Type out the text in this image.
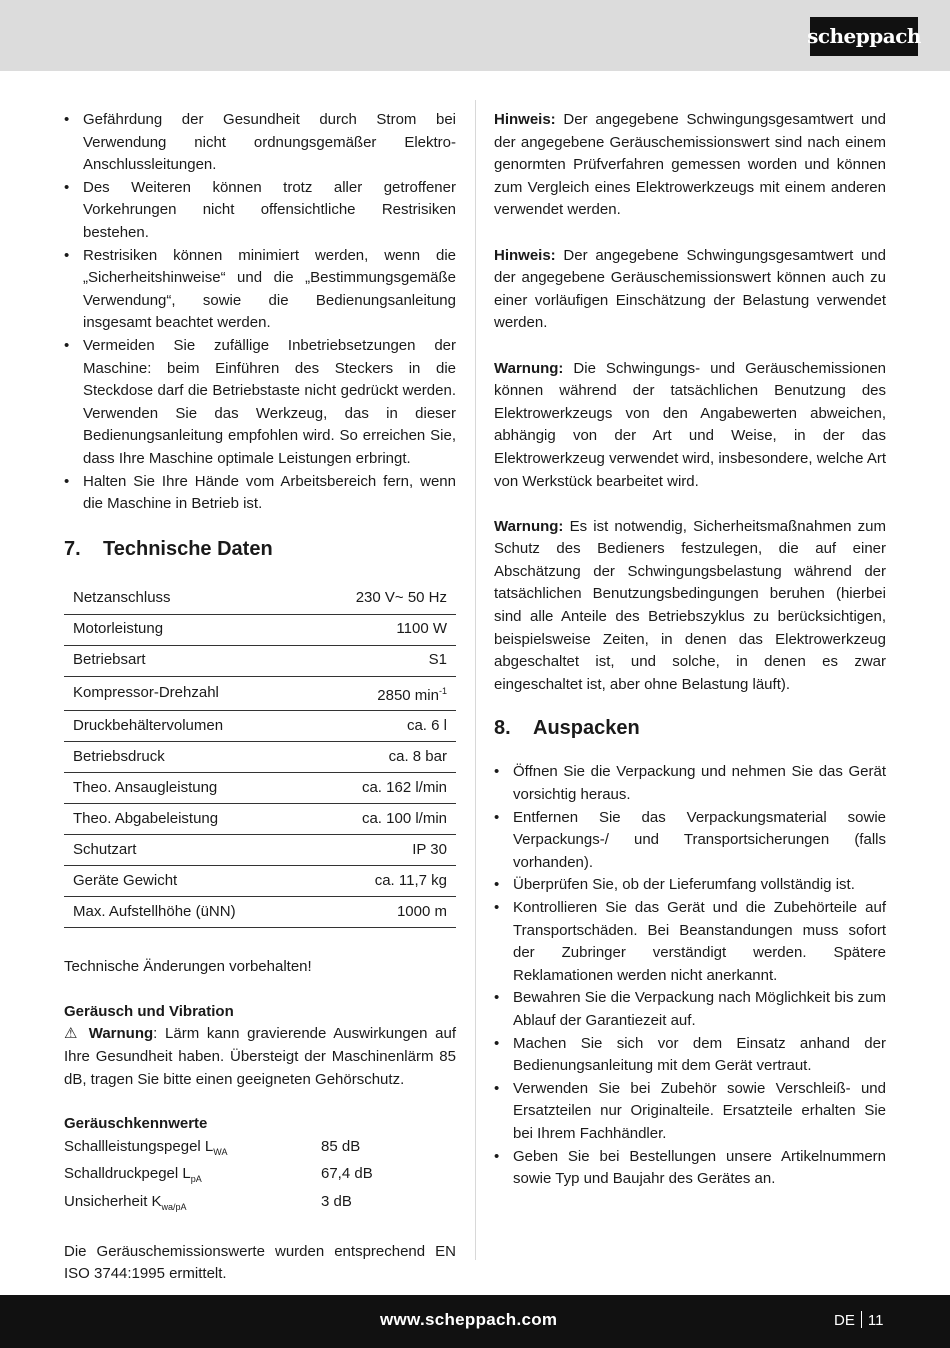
scheppach
• Gefährdung der Gesundheit durch Strom bei Verwendung nicht ordnungsgemäßer Elektro-Anschlussleitungen.
• Des Weiteren können trotz aller getroffener Vorkehrungen nicht offensichtliche Restrisiken bestehen.
• Restrisiken können minimiert werden, wenn die „Sicherheitshinweise“ und die „Bestimmungsgemäße Verwendung“, sowie die Bedienungsanleitung insgesamt beachtet werden.
• Vermeiden Sie zufällige Inbetriebsetzungen der Maschine: beim Einführen des Steckers in die Steckdose darf die Betriebstaste nicht gedrückt werden. Verwenden Sie das Werkzeug, das in dieser Bedienungsanleitung empfohlen wird. So erreichen Sie, dass Ihre Maschine optimale Leistungen erbringt.
• Halten Sie Ihre Hände vom Arbeitsbereich fern, wenn die Maschine in Betrieb ist.
7.	Technische Daten
Netzanschluss	230 V~ 50 Hz
Motorleistung	1100 W
Betriebsart	S1
Kompressor-Drehzahl	2850 $\min^{-1}$
Druckbehältervolumen	ca. 6 l
Betriebsdruck	ca. 8 bar
Theo. Ansaugleistung	ca. 162 l/min
Theo. Abgabeleistung	ca. 100 l/min
Schutzart	IP 30
Geräte Gewicht	ca. 11,7 kg
Max. Aufstellhöhe (üNN)	1000 m

Technische Änderungen vorbehalten!

Geräusch und Vibration

⚠ Warnung: Lärm kann gravierende Auswirkungen auf Ihre Gesundheit haben. Übersteigt der Maschinenlärm 85 dB, tragen Sie bitte einen geeigneten Gehörschutz.

Geräuschkennwerte

Schallleistungspegel $L_{WA}$	85 dB
Schalldruckpegel $L_{pA}$	67,4 dB
Unsicherheit $K_{wa/pA}$	3 dB

Die Geräuschemissionswerte wurden entsprechend EN ISO 3744:1995 ermittelt.

Hinweis: Der angegebene Schwingungsgesamtwert und der angegebene Geräuschemissionswert sind nach einem genormten Prüfverfahren gemessen worden und können zum Vergleich eines Elektrowerkzeugs mit einem anderen verwendet werden.

Hinweis: Der angegebene Schwingungsgesamtwert und der angegebene Geräuschemissionswert können auch zu einer vorläufigen Einschätzung der Belastung verwendet werden.

Warnung: Die Schwingungs- und Geräuschemissionen können während der tatsächlichen Benutzung des Elektrowerkzeugs von den Angabewerten abweichen, abhängig von der Art und Weise, in der das Elektrowerkzeug verwendet wird, insbesondere, welche Art von Werkstück bearbeitet wird.

Warnung: Es ist notwendig, Sicherheitsmaßnahmen zum Schutz des Bedieners festzulegen, die auf einer Abschätzung der Schwingungsbelastung während der tatsächlichen Benutzungsbedingungen beruhen (hierbei sind alle Anteile des Betriebszyklus zu berücksichtigen, beispielsweise Zeiten, in denen das Elektrowerkzeug abgeschaltet ist, und solche, in denen es zwar eingeschaltet ist, aber ohne Belastung läuft).

8.	Auspacken
• Öffnen Sie die Verpackung und nehmen Sie das Gerät vorsichtig heraus.
• Entfernen Sie das Verpackungsmaterial sowie Verpackungs-/ und Transportsicherungen (falls vorhanden).
• Überprüfen Sie, ob der Lieferumfang vollständig ist.
• Kontrollieren Sie das Gerät und die Zubehörteile auf Transportschäden. Bei Beanstandungen muss sofort der Zubringer verständigt werden. Spätere Reklamationen werden nicht anerkannt.
• Bewahren Sie die Verpackung nach Möglichkeit bis zum Ablauf der Garantiezeit auf.
• Machen Sie sich vor dem Einsatz anhand der Bedienungsanleitung mit dem Gerät vertraut.
• Verwenden Sie bei Zubehör sowie Verschleiß- und Ersatzteilen nur Originalteile. Ersatzteile erhalten Sie bei Ihrem Fachhändler.
• Geben Sie bei Bestellungen unsere Artikelnummern sowie Typ und Baujahr des Gerätes an.
www.scheppach.com	DE 11
